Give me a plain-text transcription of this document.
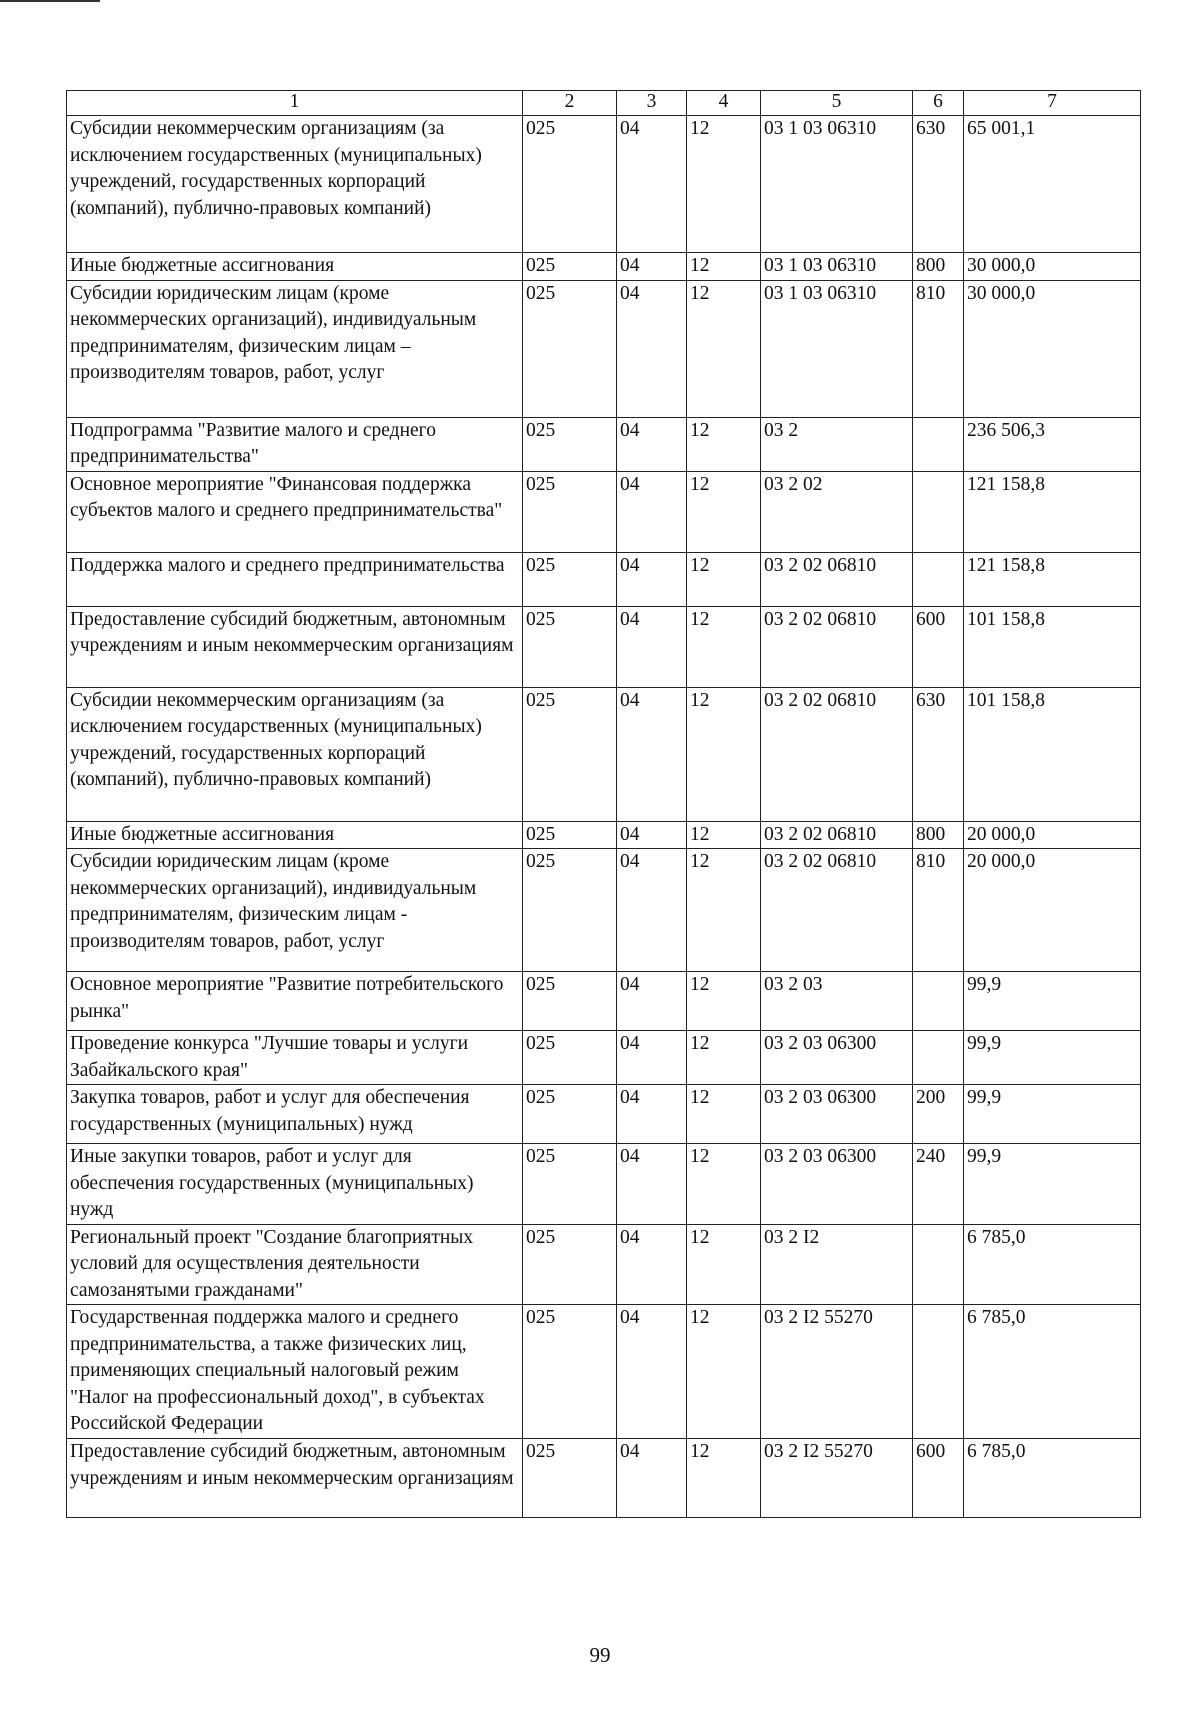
1	2	3	4	5	6	7
Субсидии некоммерческим организациям (за исключением государственных (муниципальных) учреждений, государственных корпораций (компаний), публично-правовых компаний)	025	04	12	03 1 03 06310	630	65 001,1
Иные бюджетные ассигнования	025	04	12	03 1 03 06310	800	30 000,0
Субсидии юридическим лицам (кроме некоммерческих организаций), индивидуальным предпринимателям, физическим лицам – производителям товаров, работ, услуг	025	04	12	03 1 03 06310	810	30 000,0
Подпрограмма "Развитие малого и среднего предпринимательства"	025	04	12	03 2		236 506,3
Основное мероприятие "Финансовая поддержка субъектов малого и среднего предпринимательства"	025	04	12	03 2 02		121 158,8
Поддержка малого и среднего предпринимательства	025	04	12	03 2 02 06810		121 158,8
Предоставление субсидий бюджетным, автономным учреждениям и иным некоммерческим организациям	025	04	12	03 2 02 06810	600	101 158,8
Субсидии некоммерческим организациям (за исключением государственных (муниципальных) учреждений, государственных корпораций (компаний), публично-правовых компаний)	025	04	12	03 2 02 06810	630	101 158,8
Иные бюджетные ассигнования	025	04	12	03 2 02 06810	800	20 000,0
Субсидии юридическим лицам (кроме некоммерческих организаций), индивидуальным предпринимателям, физическим лицам - производителям товаров, работ, услуг	025	04	12	03 2 02 06810	810	20 000,0
Основное мероприятие "Развитие потребительского рынка"	025	04	12	03 2 03		99,9
Проведение конкурса "Лучшие товары и услуги Забайкальского края"	025	04	12	03 2 03 06300		99,9
Закупка товаров, работ и услуг для обеспечения государственных (муниципальных) нужд	025	04	12	03 2 03 06300	200	99,9
Иные закупки товаров, работ и услуг для обеспечения государственных (муниципальных) нужд	025	04	12	03 2 03 06300	240	99,9
Региональный проект "Создание благоприятных условий для осуществления деятельности самозанятыми гражданами"	025	04	12	03 2 I2		6 785,0
Государственная поддержка малого и среднего предпринимательства, а также физических лиц, применяющих специальный налоговый режим "Налог на профессиональный доход", в субъектах Российской Федерации	025	04	12	03 2 I2 55270		6 785,0
Предоставление субсидий бюджетным, автономным учреждениям и иным некоммерческим организациям	025	04	12	03 2 I2 55270	600	6 785,0
99
